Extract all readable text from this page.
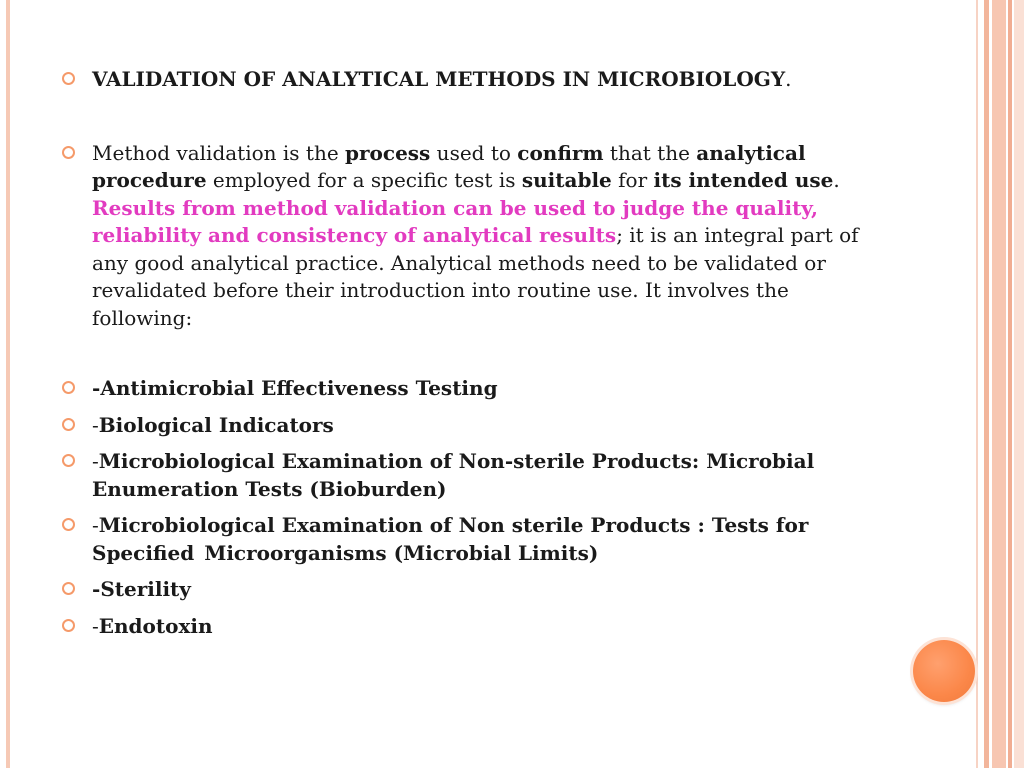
VALIDATION OF ANALYTICAL METHODS IN MICROBIOLOGY.
Method validation is the process used to confirm that the analytical procedure employed for a specific test is suitable for its intended use. Results from method validation can be used to judge the quality, reliability and consistency of analytical results; it is an integral part of any good analytical practice. Analytical methods need to be validated or revalidated before their introduction into routine use. It involves the following:
-Antimicrobial Effectiveness Testing
-Biological Indicators
-Microbiological Examination of Non-sterile Products: Microbial Enumeration Tests (Bioburden)
-Microbiological Examination of Non sterile Products : Tests for Specified Microorganisms (Microbial Limits)
-Sterility
-Endotoxin
